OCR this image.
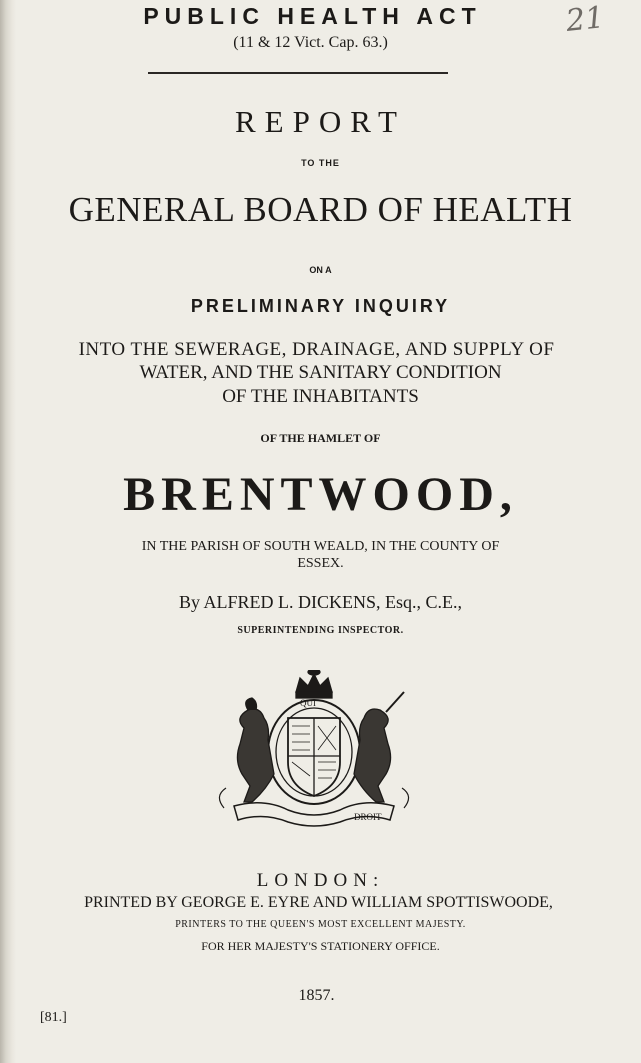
21
PUBLIC HEALTH ACT
(11 & 12 Vict. Cap. 63.)
REPORT
TO THE
GENERAL BOARD OF HEALTH
ON A
PRELIMINARY INQUIRY
INTO THE SEWERAGE, DRAINAGE, AND SUPPLY OF
WATER, AND THE SANITARY CONDITION
OF THE INHABITANTS
OF THE HAMLET OF
BRENTWOOD,
IN THE PARISH OF SOUTH WEALD, IN THE COUNTY OF
ESSEX.
By ALFRED L. DICKENS, Esq., C.E.,
SUPERINTENDING INSPECTOR.
QUI
DROIT
LONDON:
PRINTED BY GEORGE E. EYRE AND WILLIAM SPOTTISWOODE,
PRINTERS TO THE QUEEN'S MOST EXCELLENT MAJESTY.
FOR HER MAJESTY'S STATIONERY OFFICE.
1857.
[81.]
